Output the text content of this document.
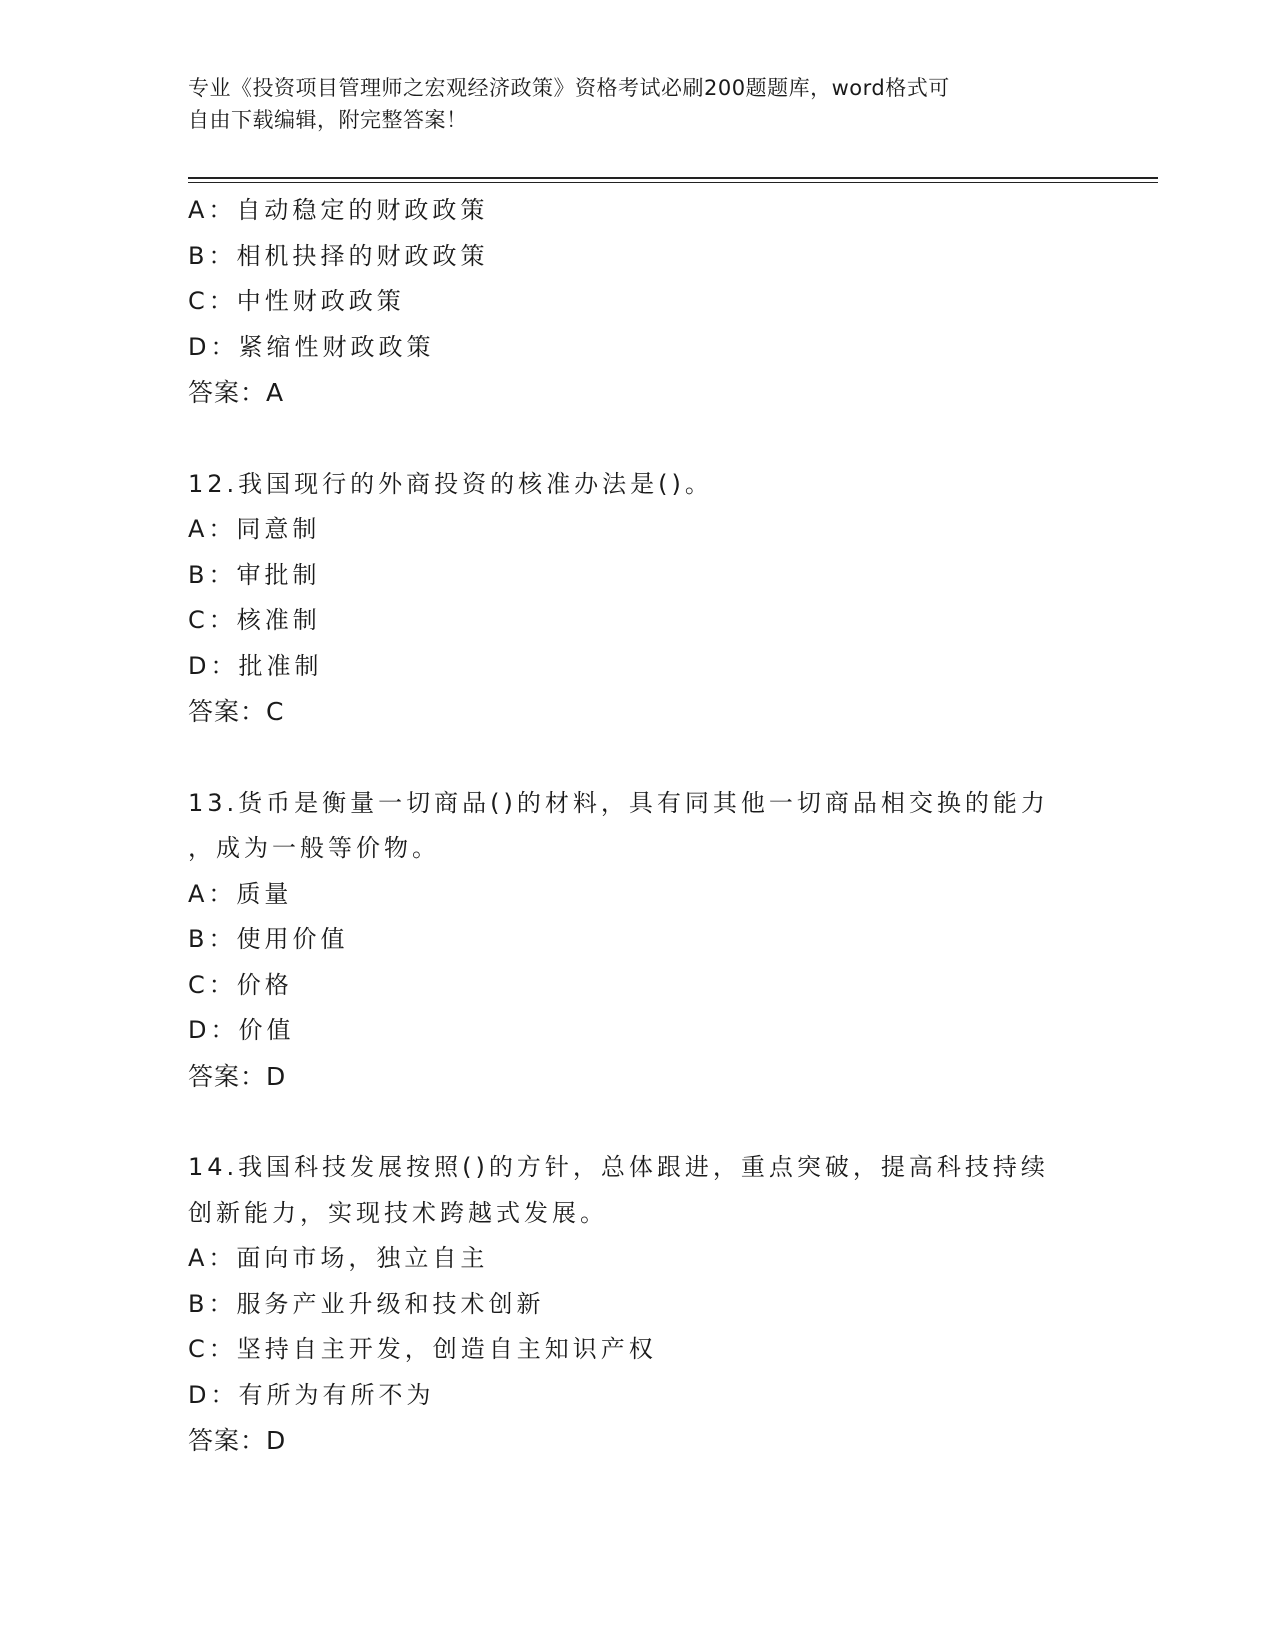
专业《投资项目管理师之宏观经济政策》资格考试必刷200题题库，word格式可
自由下载编辑，附完整答案！

A：自动稳定的财政政策

B：相机抉择的财政政策

C：中性财政政策

D：紧缩性财政政策

答案：A

12.我国现行的外商投资的核准办法是()。

A：同意制

B：审批制

C：核准制

D：批准制

答案：C

13.货币是衡量一切商品()的材料，具有同其他一切商品相交换的能力

，成为一般等价物。

A：质量

B：使用价值

C：价格

D：价值

答案：D

14.我国科技发展按照()的方针，总体跟进，重点突破，提高科技持续

创新能力，实现技术跨越式发展。

A：面向市场，独立自主

B：服务产业升级和技术创新

C：坚持自主开发，创造自主知识产权

D：有所为有所不为

答案：D
